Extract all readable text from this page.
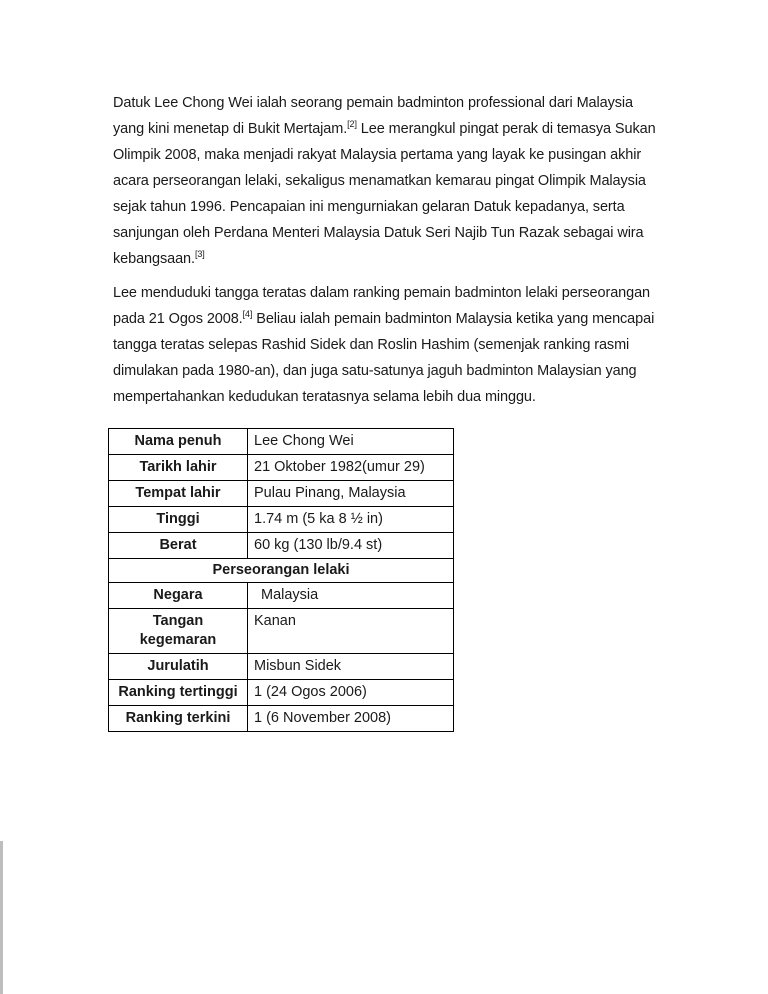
Datuk Lee Chong Wei ialah seorang pemain badminton professional dari Malaysia yang kini menetap di Bukit Mertajam.[2] Lee merangkul pingat perak di temasya Sukan Olimpik 2008, maka menjadi rakyat Malaysia pertama yang layak ke pusingan akhir acara perseorangan lelaki, sekaligus menamatkan kemarau pingat Olimpik Malaysia sejak tahun 1996. Pencapaian ini mengurniakan gelaran Datuk kepadanya, serta sanjungan oleh Perdana Menteri Malaysia Datuk Seri Najib Tun Razak sebagai wira kebangsaan.[3]

Lee menduduki tangga teratas dalam ranking pemain badminton lelaki perseorangan pada 21 Ogos 2008.[4] Beliau ialah pemain badminton Malaysia ketika yang mencapai tangga teratas selepas Rashid Sidek dan Roslin Hashim (semenjak ranking rasmi dimulakan pada 1980-an), dan juga satu-satunya jaguh badminton Malaysian yang mempertahankan kedudukan teratasnya selama lebih dua minggu.

Nama penuh	Lee Chong Wei
Tarikh lahir	21 Oktober 1982(umur 29)
Tempat lahir	Pulau Pinang, Malaysia
Tinggi	1.74 m (5 ka 8 ½ in)
Berat	60 kg (130 lb/9.4 st)
Perseorangan lelaki	
Negara	Malaysia
Tangan kegemaran	Kanan
Jurulatih	Misbun Sidek
Ranking tertinggi	1 (24 Ogos 2006)
Ranking terkini	1 (6 November 2008)
